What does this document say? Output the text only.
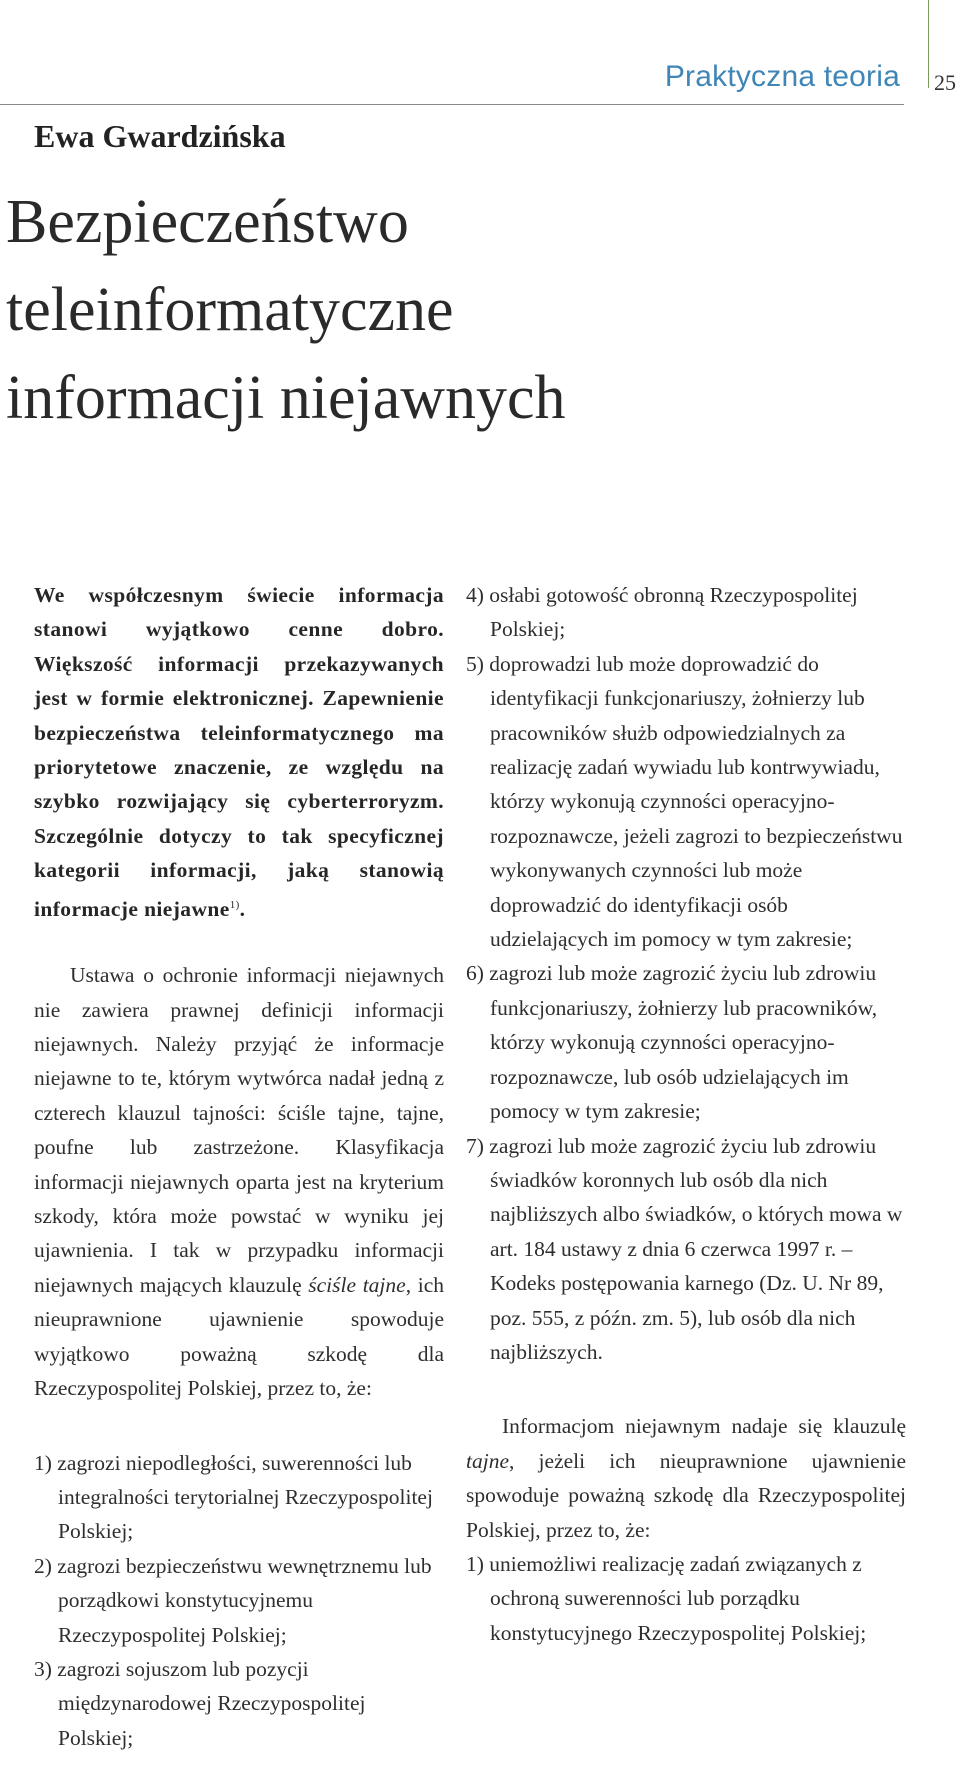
Praktyczna teoria 25
Ewa Gwardzińska
Bezpieczeństwo
teleinformatyczne
informacji niejawnych

We współczesnym świecie informacja stanowi wyjątkowo cenne dobro. Większość informacji przekazywanych jest w formie elektronicznej. Zapewnienie bezpieczeństwa teleinformatycznego ma priorytetowe znaczenie, ze względu na szybko rozwijający się cyberterroryzm. Szczególnie dotyczy to tak specyficznej kategorii informacji, jaką stanowią informacje niejawne$^{1)}$.

Ustawa o ochronie informacji niejawnych nie zawiera prawnej definicji informacji niejawnych. Należy przyjąć że informacje niejawne to te, którym wytwórca nadał jedną z czterech klauzul tajności: ściśle tajne, tajne, poufne lub zastrzeżone. Klasyfikacja informacji niejawnych oparta jest na kryterium szkody, która może powstać w wyniku jej ujawnienia. I tak w przypadku informacji niejawnych mających klauzulę ściśle tajne, ich nieuprawnione ujawnienie spowoduje wyjątkowo poważną szkodę dla Rzeczypospolitej Polskiej, przez to, że:

1) zagrozi niepodległości, suwerenności lub integralności terytorialnej Rzeczypospolitej Polskiej;
2) zagrozi bezpieczeństwu wewnętrznemu lub porządkowi konstytucyjnemu Rzeczypospolitej Polskiej;
3) zagrozi sojuszom lub pozycji międzynarodowej Rzeczypospolitej Polskiej;
4) osłabi gotowość obronną Rzeczypospolitej Polskiej;
5) doprowadzi lub może doprowadzić do identyfikacji funkcjonariuszy, żołnierzy lub pracowników służb odpowiedzialnych za realizację zadań wywiadu lub kontrwywiadu, którzy wykonują czynności operacyjno-rozpoznawcze, jeżeli zagrozi to bezpieczeństwu wykonywanych czynności lub może doprowadzić do identyfikacji osób udzielających im pomocy w tym zakresie;
6) zagrozi lub może zagrozić życiu lub zdrowiu funkcjonariuszy, żołnierzy lub pracowników, którzy wykonują czynności operacyjno-rozpoznawcze, lub osób udzielających im pomocy w tym zakresie;
7) zagrozi lub może zagrozić życiu lub zdrowiu świadków koronnych lub osób dla nich najbliższych albo świadków, o których mowa w art. 184 ustawy z dnia 6 czerwca 1997 r. – Kodeks postępowania karnego (Dz. U. Nr 89, poz. 555, z późn. zm. 5), lub osób dla nich najbliższych.

Informacjom niejawnym nadaje się klauzulę tajne, jeżeli ich nieuprawnione ujawnienie spowoduje poważną szkodę dla Rzeczypospolitej Polskiej, przez to, że:

1) uniemożliwi realizację zadań związanych z ochroną suwerenności lub porządku konstytucyjnego Rzeczypospolitej Polskiej;
